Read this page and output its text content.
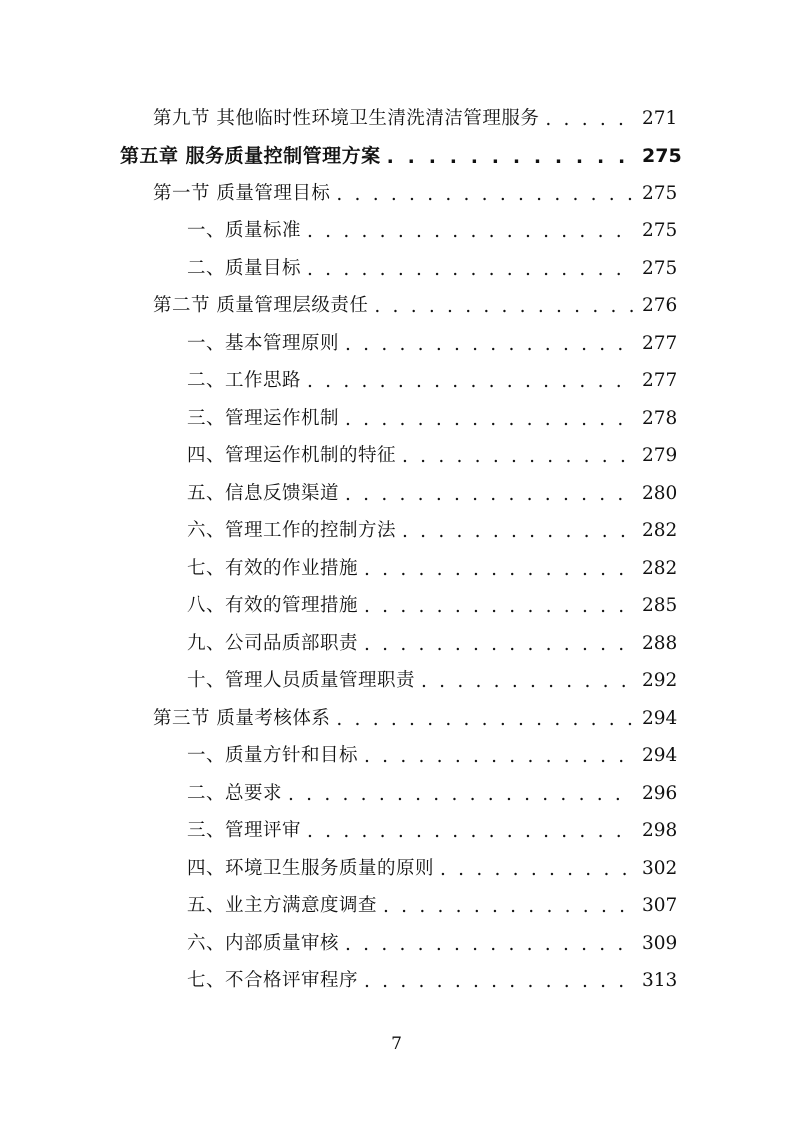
第九节 其他临时性环境卫生清洗清洁管理服务 . . .	271
第五章 服务质量控制管理方案 . . .	275
第一节 质量管理目标 . . .	275
一、质量标准 . . .	275
二、质量目标 . . .	275
第二节 质量管理层级责任 . . .	276
一、基本管理原则 . . .	277
二、工作思路 . . .	277
三、管理运作机制 . . .	278
四、管理运作机制的特征 . . .	279
五、信息反馈渠道 . . .	280
六、管理工作的控制方法 . . .	282
七、有效的作业措施 . . .	282
八、有效的管理措施 . . .	285
九、公司品质部职责 . . .	288
十、管理人员质量管理职责 . . .	292
第三节 质量考核体系 . . .	294
一、质量方针和目标 . . .	294
二、总要求 . . .	296
三、管理评审 . . .	298
四、环境卫生服务质量的原则 . . .	302
五、业主方满意度调查 . . .	307
六、内部质量审核 . . .	309
七、不合格评审程序 . . .	313
7
